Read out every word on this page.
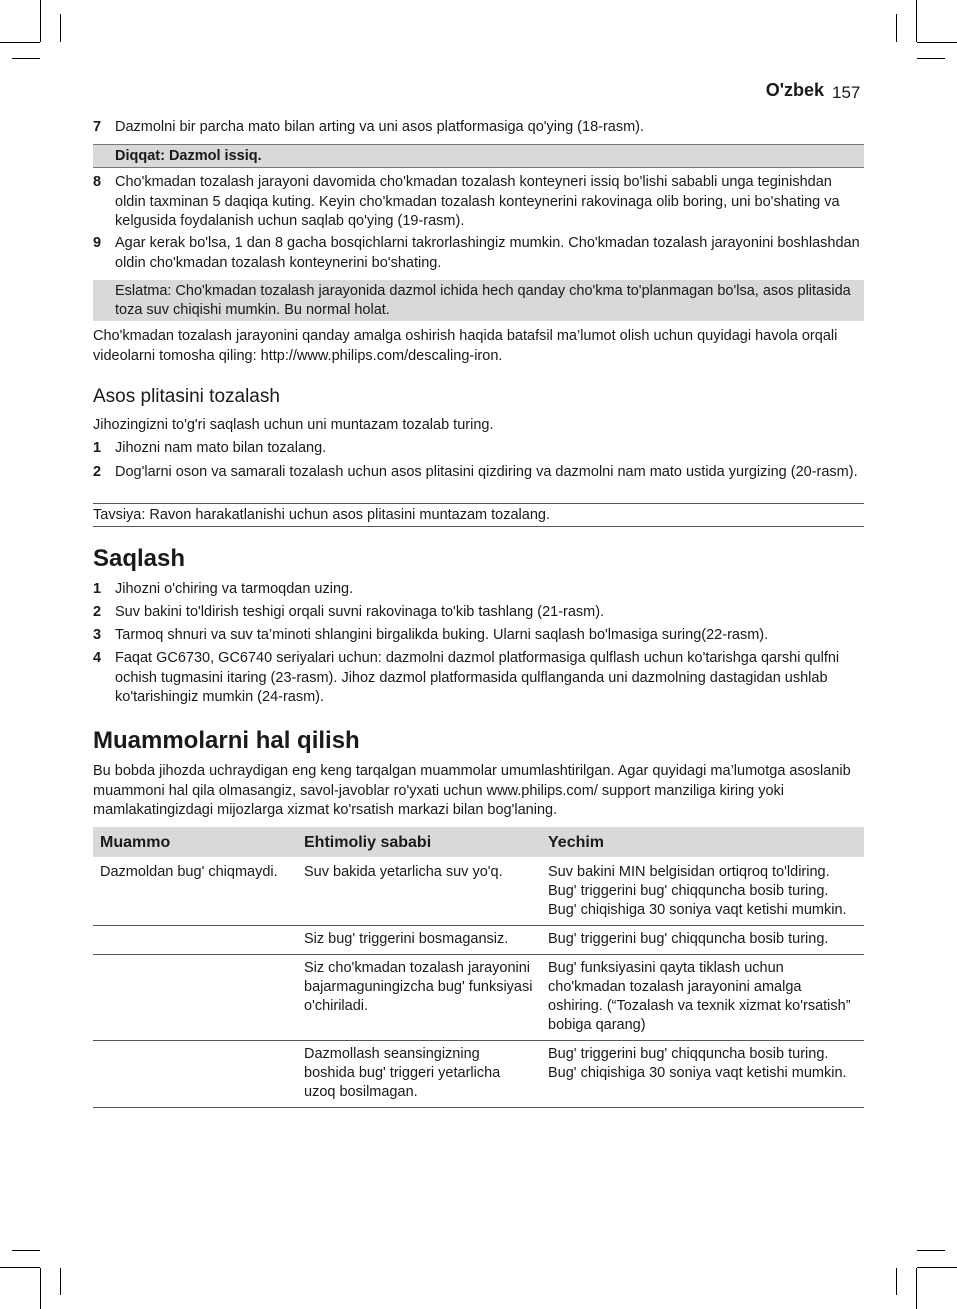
O'zbek 157
7 Dazmolni bir parcha mato bilan arting va uni asos platformasiga qo'ying (18-rasm).
Diqqat: Dazmol issiq.
8 Cho'kmadan tozalash jarayoni davomida cho'kmadan tozalash konteyneri issiq bo'lishi sababli unga teginishdan oldin taxminan 5 daqiqa kuting. Keyin cho'kmadan tozalash konteynerini rakovinaga olib boring, uni bo'shating va kelgusida foydalanish uchun saqlab qo'ying (19-rasm).
9 Agar kerak bo'lsa, 1 dan 8 gacha bosqichlarni takrorlashingiz mumkin. Cho'kmadan tozalash jarayonini boshlashdan oldin cho'kmadan tozalash konteynerini bo'shating.
Eslatma: Cho'kmadan tozalash jarayonida dazmol ichida hech qanday cho'kma to'planmagan bo'lsa, asos plitasida toza suv chiqishi mumkin. Bu normal holat.
Cho'kmadan tozalash jarayonini qanday amalga oshirish haqida batafsil ma’lumot olish uchun quyidagi havola orqali videolarni tomosha qiling: http://www.philips.com/descaling-iron.
Asos plitasini tozalash
Jihozingizni to'g'ri saqlash uchun uni muntazam tozalab turing.
1 Jihozni nam mato bilan tozalang.
2 Dog'larni oson va samarali tozalash uchun asos plitasini qizdiring va dazmolni nam mato ustida yurgizing (20-rasm).
Tavsiya: Ravon harakatlanishi uchun asos plitasini muntazam tozalang.
Saqlash
1 Jihozni o'chiring va tarmoqdan uzing.
2 Suv bakini to'ldirish teshigi orqali suvni rakovinaga to'kib tashlang (21-rasm).
3 Tarmoq shnuri va suv ta’minoti shlangini birgalikda buking. Ularni saqlash bo'lmasiga suring(22-rasm).
4 Faqat GC6730, GC6740 seriyalari uchun: dazmolni dazmol platformasiga qulflash uchun ko'tarishga qarshi qulfni ochish tugmasini itaring (23-rasm). Jihoz dazmol platformasida qulflanganda uni dazmolning dastagidan ushlab ko'tarishingiz mumkin (24-rasm).
Muammolarni hal qilish
Bu bobda jihozda uchraydigan eng keng tarqalgan muammolar umumlashtirilgan. Agar quyidagi ma’lumotga asoslanib muammoni hal qila olmasangiz, savol-javoblar ro'yxati uchun www.philips.com/ support manziliga kiring yoki mamlakatingizdagi mijozlarga xizmat ko'rsatish markazi bilan bog'laning.
Muammo	Ehtimoliy sababi	Yechim
Dazmoldan bug' chiqmaydi.	Suv bakida yetarlicha suv yo'q.	Suv bakini MIN belgisidan ortiqroq to'ldiring. Bug' triggerini bug' chiqquncha bosib turing. Bug' chiqishiga 30 soniya vaqt ketishi mumkin.
	Siz bug' triggerini bosmagansiz.	Bug' triggerini bug' chiqquncha bosib turing.
	Siz cho'kmadan tozalash jarayonini bajarmaguningizcha bug' funksiyasi o'chiriladi.	Bug' funksiyasini qayta tiklash uchun cho'kmadan tozalash jarayonini amalga oshiring. (“Tozalash va texnik xizmat ko'rsatish” bobiga qarang)
	Dazmollash seansingizning boshida bug' triggeri yetarlicha uzoq bosilmagan.	Bug' triggerini bug' chiqquncha bosib turing. Bug' chiqishiga 30 soniya vaqt ketishi mumkin.
